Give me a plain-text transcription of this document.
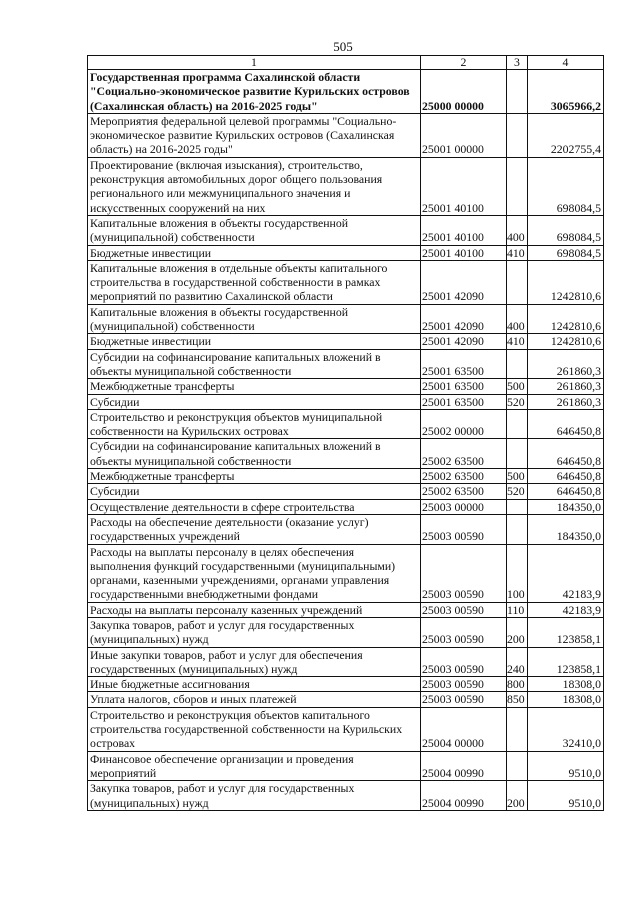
505
1	2	3	4
Государственная программа Сахалинской области "Социально-экономическое развитие Курильских островов (Сахалинская область) на 2016-2025 годы"	25000 00000		3065966,2
Мероприятия федеральной целевой программы "Социально-экономическое развитие Курильских островов (Сахалинская область) на 2016-2025 годы"	25001 00000		2202755,4
Проектирование (включая изыскания), строительство, реконструкция автомобильных дорог общего пользования регионального или межмуниципального значения и искусственных сооружений на них	25001 40100		698084,5
Капитальные вложения в объекты государственной (муниципальной) собственности	25001 40100	400	698084,5
Бюджетные инвестиции	25001 40100	410	698084,5
Капитальные вложения в отдельные объекты капитального строительства в государственной собственности в рамках мероприятий по развитию Сахалинской области	25001 42090		1242810,6
Капитальные вложения в объекты государственной (муниципальной) собственности	25001 42090	400	1242810,6
Бюджетные инвестиции	25001 42090	410	1242810,6
Субсидии на софинансирование капитальных вложений в объекты муниципальной собственности	25001 63500		261860,3
Межбюджетные трансферты	25001 63500	500	261860,3
Субсидии	25001 63500	520	261860,3
Строительство и реконструкция объектов муниципальной собственности на Курильских островах	25002 00000		646450,8
Субсидии на софинансирование капитальных вложений в объекты муниципальной собственности	25002 63500		646450,8
Межбюджетные трансферты	25002 63500	500	646450,8
Субсидии	25002 63500	520	646450,8
Осуществление деятельности в сфере строительства	25003 00000		184350,0
Расходы на обеспечение деятельности (оказание услуг) государственных учреждений	25003 00590		184350,0
Расходы на выплаты персоналу в целях обеспечения выполнения функций государственными (муниципальными) органами, казенными учреждениями, органами управления государственными внебюджетными фондами	25003 00590	100	42183,9
Расходы на выплаты персоналу казенных учреждений	25003 00590	110	42183,9
Закупка товаров, работ и услуг для государственных (муниципальных) нужд	25003 00590	200	123858,1
Иные закупки товаров, работ и услуг для обеспечения государственных (муниципальных) нужд	25003 00590	240	123858,1
Иные бюджетные ассигнования	25003 00590	800	18308,0
Уплата налогов, сборов и иных платежей	25003 00590	850	18308,0
Строительство и реконструкция объектов капитального строительства государственной собственности на Курильских островах	25004 00000		32410,0
Финансовое обеспечение организации и проведения мероприятий	25004 00990		9510,0
Закупка товаров, работ и услуг для государственных (муниципальных) нужд	25004 00990	200	9510,0
